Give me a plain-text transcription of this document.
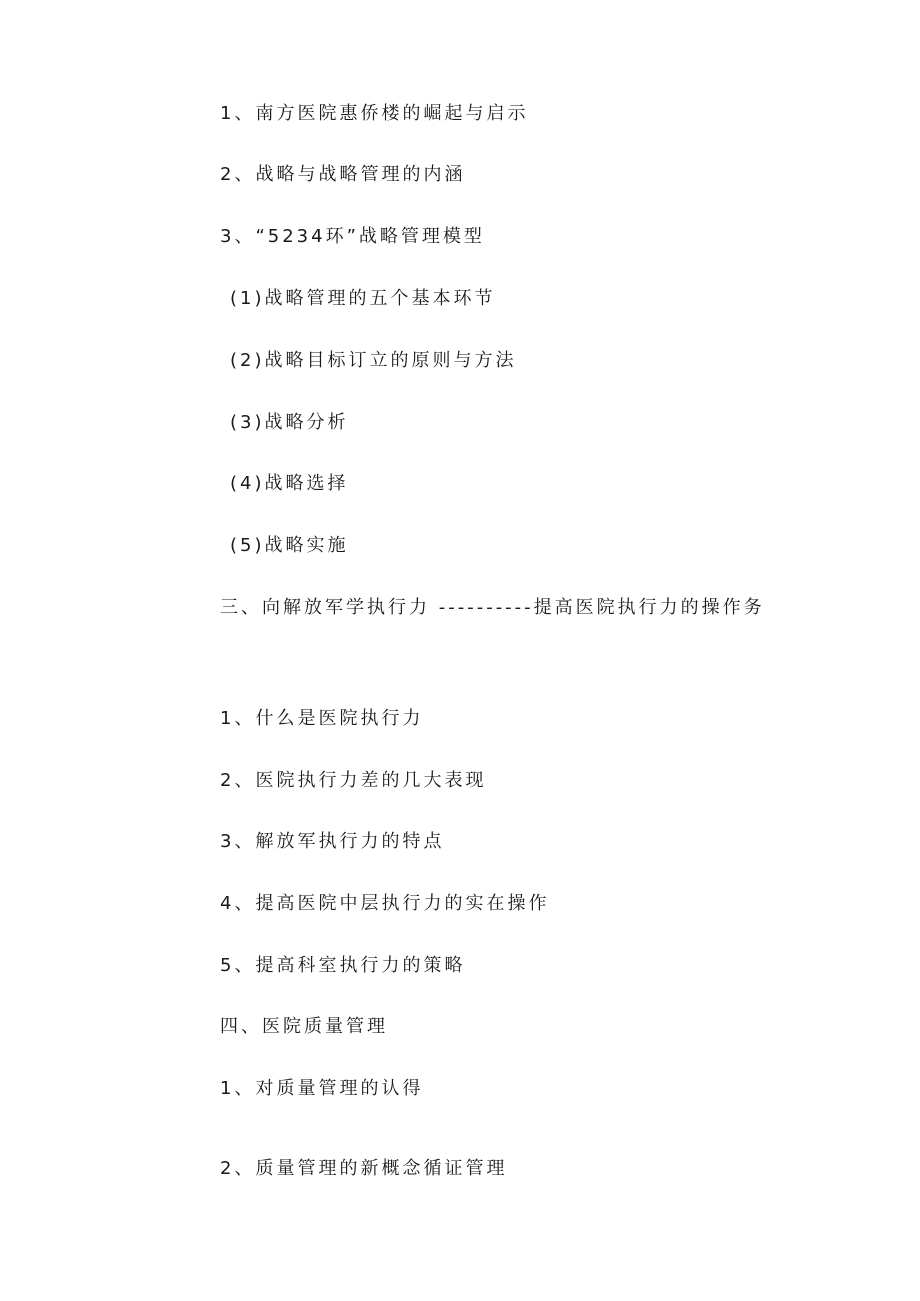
1、南方医院惠侨楼的崛起与启示
2、战略与战略管理的内涵
3、“5234环”战略管理模型
(1)战略管理的五个基本环节
(2)战略目标订立的原则与方法
(3)战略分析
(4)战略选择
(5)战略实施
三、向解放军学执行力 ----------提高医院执行力的操作务
1、什么是医院执行力
2、医院执行力差的几大表现
3、解放军执行力的特点
4、提高医院中层执行力的实在操作
5、提高科室执行力的策略
四、医院质量管理
1、对质量管理的认得
2、质量管理的新概念循证管理
